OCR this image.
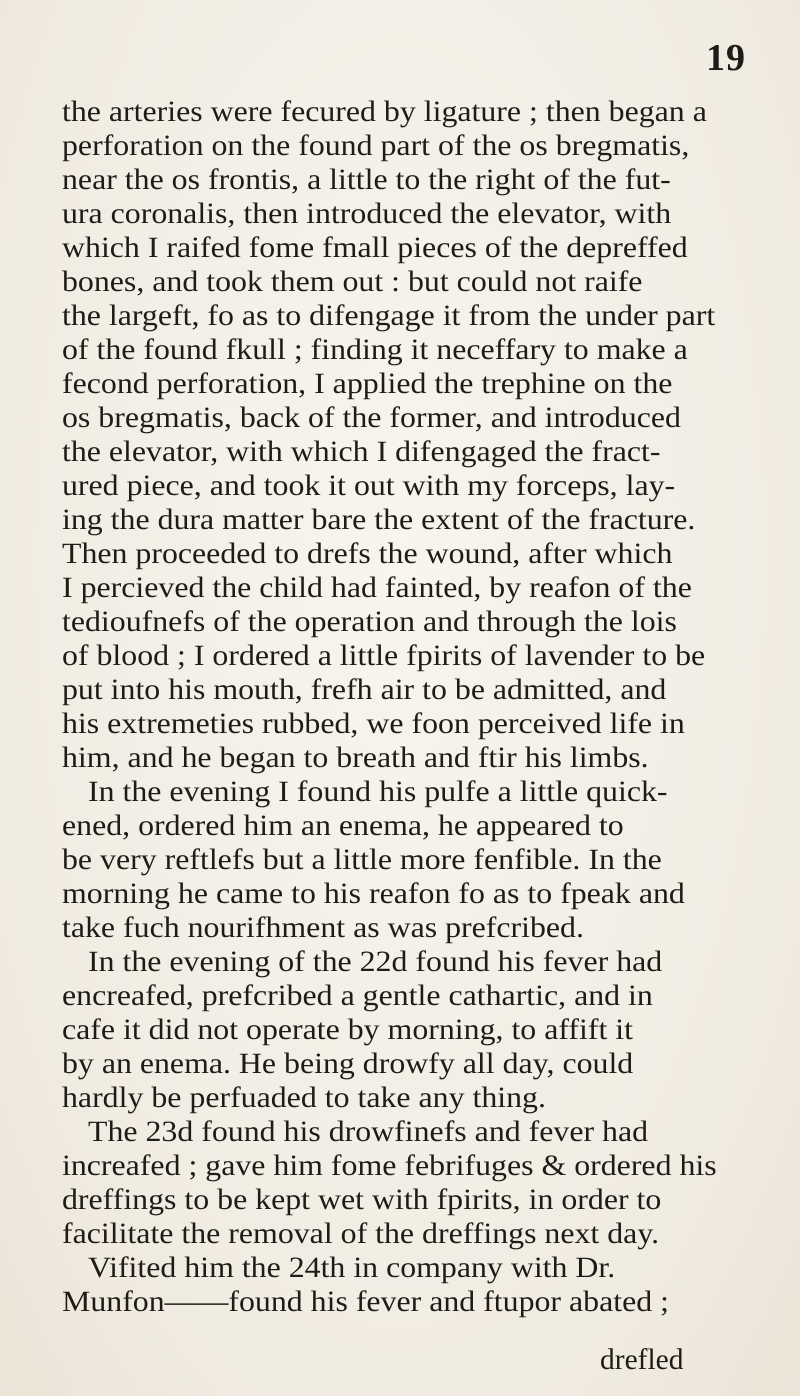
19
the arteries were fecured by ligature ; then began a
perforation on the found part of the os bregmatis,
near the os frontis, a little to the right of the fut-
ura coronalis, then introduced the elevator, with
which I raifed fome fmall pieces of the depreffed
bones, and took them out : but could not raife
the largeft, fo as to difengage it from the under part
of the found fkull ; finding it neceffary to make a
fecond perforation, I applied the trephine on the
os bregmatis, back of the former, and introduced
the elevator, with which I difengaged the fract-
ured piece, and took it out with my forceps, lay-
ing the dura matter bare the extent of the fracture.
Then proceeded to drefs the wound, after which
I percieved the child had fainted, by reafon of the
tedioufnefs of the operation and through the lois
of blood ; I ordered a little fpirits of lavender to be
put into his mouth, frefh air to be admitted, and
his extremeties rubbed, we foon perceived life in
him, and he began to breath and ftir his limbs.
In the evening I found his pulfe a little quick-
ened, ordered him an enema, he appeared to
be very reftlefs but a little more fenfible. In the
morning he came to his reafon fo as to fpeak and
take fuch nourifhment as was prefcribed.
In the evening of the 22d found his fever had
encreafed, prefcribed a gentle cathartic, and in
cafe it did not operate by morning, to affift it
by an enema. He being drowfy all day, could
hardly be perfuaded to take any thing.
The 23d found his drowfinefs and fever had
increafed ; gave him fome febrifuges & ordered his
dreffings to be kept wet with fpirits, in order to
facilitate the removal of the dreffings next day.
Vifited him the 24th in company with Dr.
Munfon——found his fever and ftupor abated ;
drefled
